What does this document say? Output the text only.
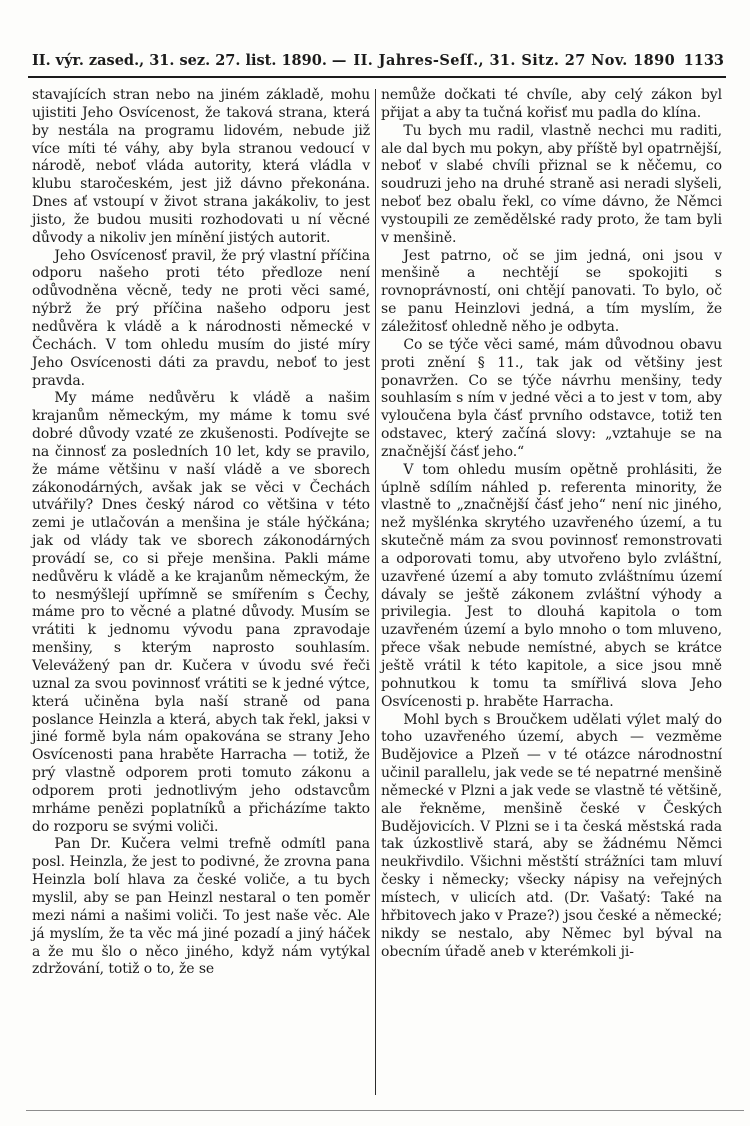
II. výr. zased., 31. sez. 27. list. 1890. — II. Jahres-Seſſ., 31. Sitz. 27 Nov. 1890 1133

stavajících stran nebo na jiném základě, mohu ujistiti Jeho Osvícenost, že taková strana, která by nestála na programu lidovém, nebude již více míti té váhy, aby byla stranou vedoucí v národě, neboť vláda autority, která vládla v klubu staročeském, jest již dávno překonána. Dnes ať vstoupí v život strana jakákoliv, to jest jisto, že budou musiti rozhodovati u ní věcné důvody a nikoliv jen mínění jistých autorit.

Jeho Osvícenosť pravil, že prý vlastní příčina odporu našeho proti této předloze není odůvodněna věcně, tedy ne proti věci samé, nýbrž že prý příčina našeho odporu jest nedůvěra k vládě a k národnosti německé v Čechách. V tom ohledu musím do jisté míry Jeho Osvícenosti dáti za pravdu, neboť to jest pravda.

My máme nedůvěru k vládě a našim krajanům německým, my máme k tomu své dobré důvody vzaté ze zkušenosti. Podívejte se na činnosť za posledních 10 let, kdy se pravilo, že máme většinu v naší vládě a ve sborech zákonodárných, avšak jak se věci v Čechách utvářily? Dnes český národ co většina v této zemi je utlačován a menšina je stále hýčkána; jak od vlády tak ve sborech zákonodárných provádí se, co si přeje menšina. Pakli máme nedůvěru k vládě a ke krajanům německým, že to nesmýšlejí upřímně se smířením s Čechy, máme pro to věcné a platné důvody. Musím se vrátiti k jednomu vývodu pana zpravodaje menšiny, s kterým naprosto souhlasím. Velevážený pan dr. Kučera v úvodu své řeči uznal za svou povinnosť vrátiti se k jedné výtce, která učiněna byla naší straně od pana poslance Heinzla a která, abych tak řekl, jaksi v jiné formě byla nám opakována se strany Jeho Osvícenosti pana hraběte Harracha — totiž, že prý vlastně odporem proti tomuto zákonu a odporem proti jednotlivým jeho odstavcům mrháme penězi poplatníků a přicházíme takto do rozporu se svými voliči.

Pan Dr. Kučera velmi trefně odmítl pana posl. Heinzla, že jest to podivné, že zrovna pana Heinzla bolí hlava za české voliče, a tu bych myslil, aby se pan Heinzl nestaral o ten poměr mezi námi a našimi voliči. To jest naše věc. Ale já myslím, že ta věc má jiné pozadí a jiný háček a že mu šlo o něco jiného, když nám vytýkal zdržování, totiž o to, že se

nemůže dočkati té chvíle, aby celý zákon byl přijat a aby ta tučná kořisť mu padla do klína.

Tu bych mu radil, vlastně nechci mu raditi, ale dal bych mu pokyn, aby příště byl opatrnější, neboť v slabé chvíli přiznal se k něčemu, co soudruzi jeho na druhé straně asi neradi slyšeli, neboť bez obalu řekl, co víme dávno, že Němci vystoupili ze zemědělské rady proto, že tam byli v menšině.

Jest patrno, oč se jim jedná, oni jsou v menšině a nechtějí se spokojiti s rovnoprávností, oni chtějí panovati. To bylo, oč se panu Heinzlovi jedná, a tím myslím, že záležitosť ohledně něho je odbyta.

Co se týče věci samé, mám důvodnou obavu proti znění § 11., tak jak od většiny jest ponavržen. Co se týče návrhu menšiny, tedy souhlasím s ním v jedné věci a to jest v tom, aby vyloučena byla čásť prvního odstavce, totiž ten odstavec, který začíná slovy: „vztahuje se na značnější čásť jeho.“

V tom ohledu musím opětně prohlásiti, že úplně sdílím náhled p. referenta minority, že vlastně to „značnější čásť jeho“ není nic jiného, než myšlénka skrytého uzavřeného území, a tu skutečně mám za svou povinnosť remonstrovati a odporovati tomu, aby utvořeno bylo zvláštní, uzavřené území a aby tomuto zvláštnímu území dávaly se ještě zákonem zvláštní výhody a privilegia. Jest to dlouhá kapitola o tom uzavřeném území a bylo mnoho o tom mluveno, přece však nebude nemístné, abych se krátce ještě vrátil k této kapitole, a sice jsou mně pohnutkou k tomu ta smířlivá slova Jeho Osvícenosti p. hraběte Harracha.

Mohl bych s Broučkem udělati výlet malý do toho uzavřeného území, abych — vezměme Budějovice a Plzeň — v té otázce národnostní učinil parallelu, jak vede se té nepatrné menšině německé v Plzni a jak vede se vlastně té většině, ale řekněme, menšině české v Českých Budějovicích. V Plzni se i ta česká městská rada tak úzkostlivě stará, aby se žádnému Němci neukřivdilo. Všichni městští strážníci tam mluví česky i německy; všecky nápisy na veřejných místech, v ulicích atd. (Dr. Vašatý: Také na hřbitovech jako v Praze?) jsou české a německé; nikdy se nestalo, aby Němec byl býval na obecním úřadě aneb v kterémkoli ji-
